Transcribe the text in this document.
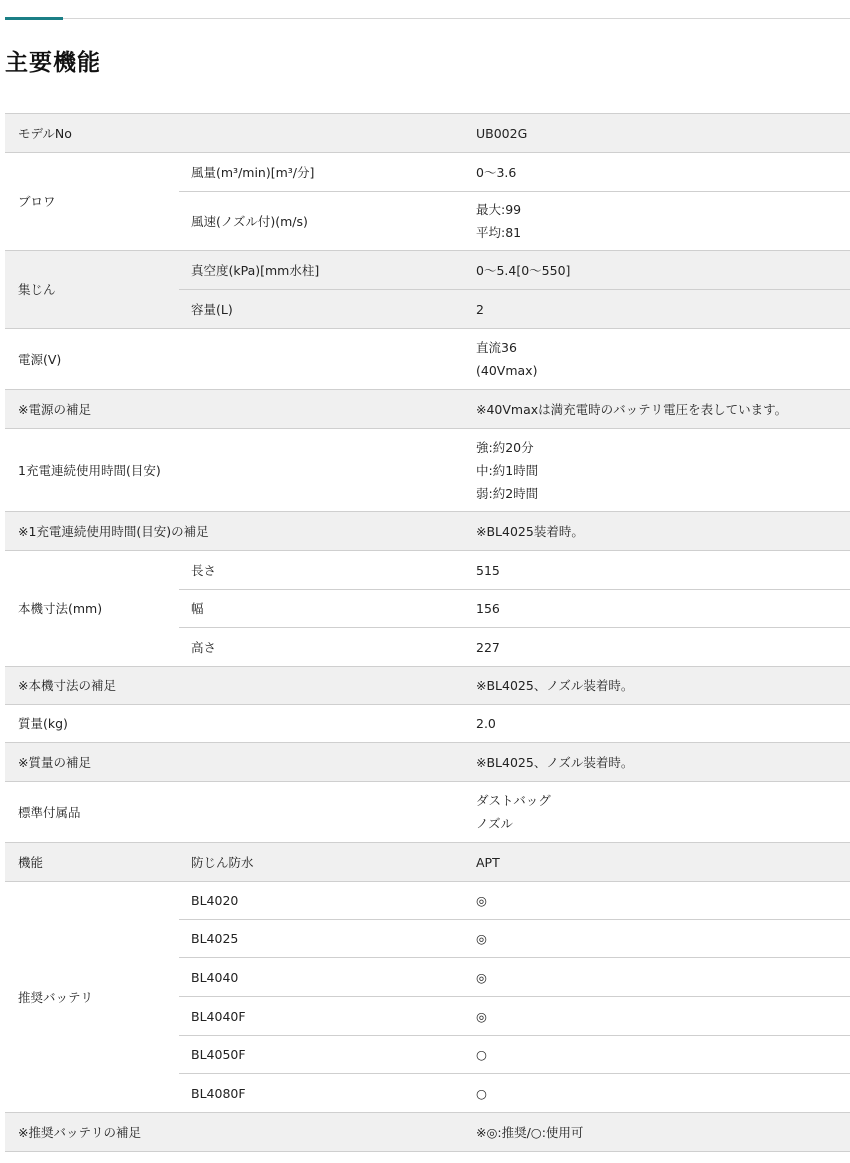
主要機能
モデルNo		UB002G
ブロワ	風量(m³/min)[m³/分]	0〜3.6
	風速(ノズル付)(m/s)	最大:99
平均:81

集じん	真空度(kPa)[mm水柱]	0〜5.4[0〜550]
	容量(L)	2
電源(V)		直流36
(40Vmax)

※電源の補足		※40Vmaxは満充電時のバッテリ電圧を表しています。
1充電連続使用時間(目安)		強:約20分
中:約1時間
弱:約2時間

※1充電連続使用時間(目安)の補足		※BL4025装着時。
本機寸法(mm)	長さ	515
	幅	156
	高さ	227
※本機寸法の補足		※BL4025、ノズル装着時。
質量(kg)		2.0
※質量の補足		※BL4025、ノズル装着時。
標準付属品		ダストバッグ
ノズル

機能	防じん防水	APT
推奨バッテリ	BL4020	◎
	BL4025	◎
	BL4040	◎
	BL4040F	◎
	BL4050F	○
	BL4080F	○
※推奨バッテリの補足		※◎:推奨/○:使用可
